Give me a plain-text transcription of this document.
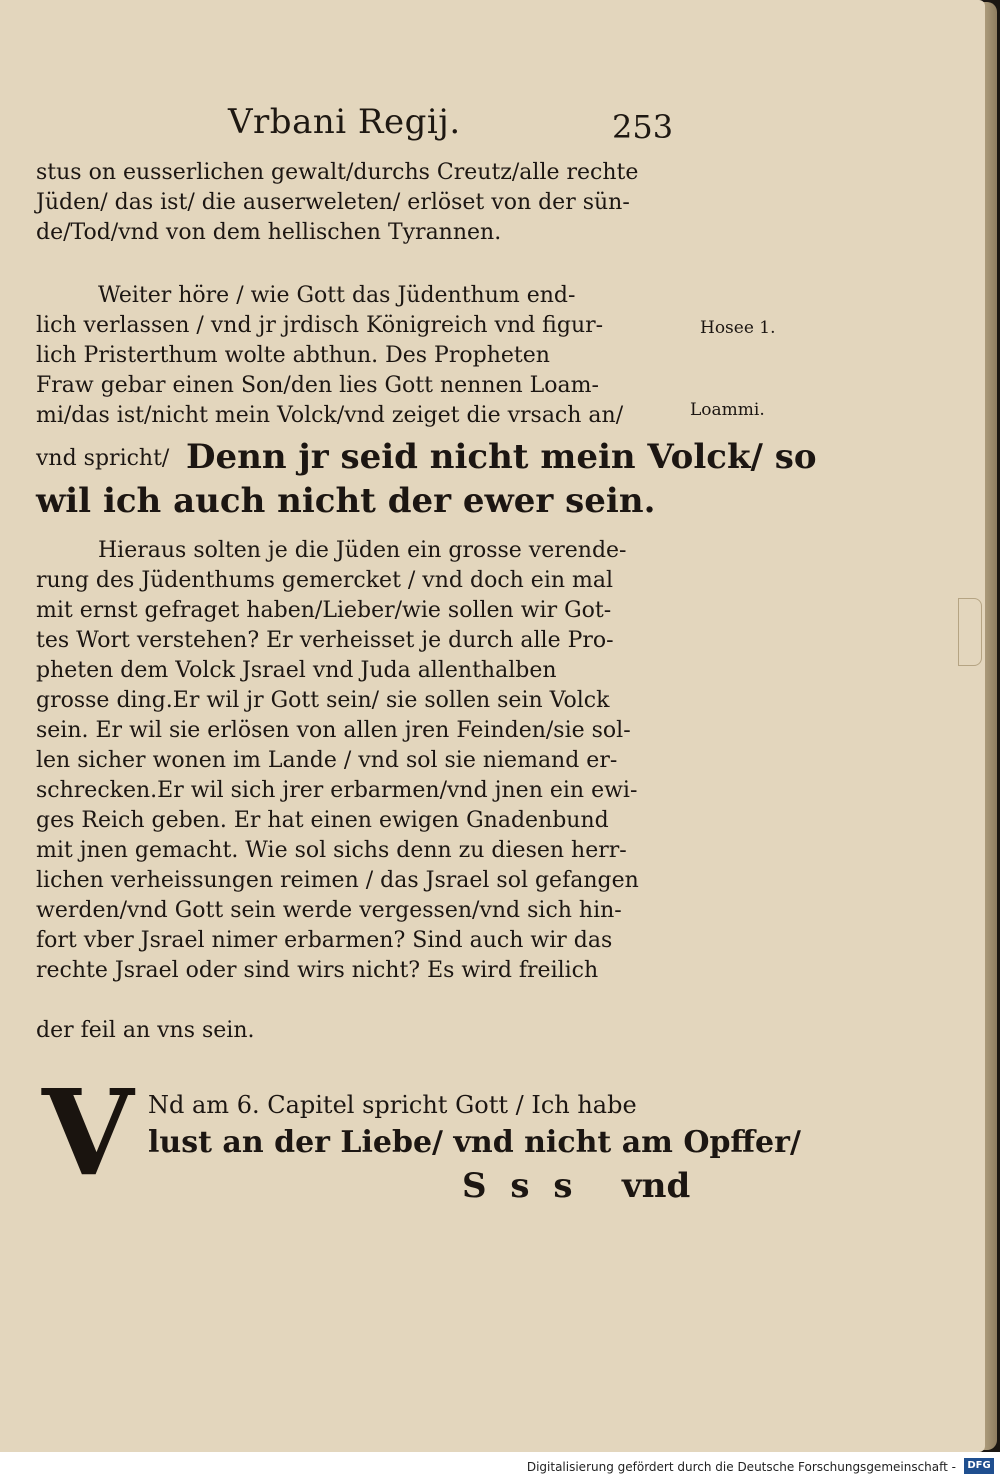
Vrbani Regij.	253
stus on eusserlichen gewalt/durchs Creutz/alle rechte
Jüden/ das ist/ die auserweleten/ erlöset von der sün-
de/Tod/vnd von dem hellischen Tyrannen.
Weiter höre / wie Gott das Jüdenthum end-
lich verlassen / vnd jr jrdisch Königreich vnd figur-
lich Pristerthum wolte abthun. Des Propheten
Fraw gebar einen Son/den lies Gott nennen Loam-
mi/das ist/nicht mein Volck/vnd zeiget die vrsach an/
vnd spricht/ Denn jr seid nicht mein Volck/ so
wil ich auch nicht der ewer sein.
Hosee 1.
Loammi.
Hieraus solten je die Jüden ein grosse verende-
rung des Jüdenthums gemercket / vnd doch ein mal
mit ernst gefraget haben/Lieber/wie sollen wir Got-
tes Wort verstehen? Er verheisset je durch alle Pro-
pheten dem Volck Jsrael vnd Juda allenthalben
grosse ding.Er wil jr Gott sein/ sie sollen sein Volck
sein. Er wil sie erlösen von allen jren Feinden/sie sol-
len sicher wonen im Lande / vnd sol sie niemand er-
schrecken.Er wil sich jrer erbarmen/vnd jnen ein ewi-
ges Reich geben. Er hat einen ewigen Gnadenbund
mit jnen gemacht. Wie sol sichs denn zu diesen herr-
lichen verheissungen reimen / das Jsrael sol gefangen
werden/vnd Gott sein werde vergessen/vnd sich hin-
fort vber Jsrael nimer erbarmen? Sind auch wir das
rechte Jsrael oder sind wirs nicht? Es wird freilich
der feil an vns sein.
V Nd am 6. Capitel spricht Gott / Ich habe
lust an der Liebe/ vnd nicht am Opffer/
S s s vnd
Digitalisierung gefördert durch die Deutsche Forschungsgemeinschaft -	DFG
